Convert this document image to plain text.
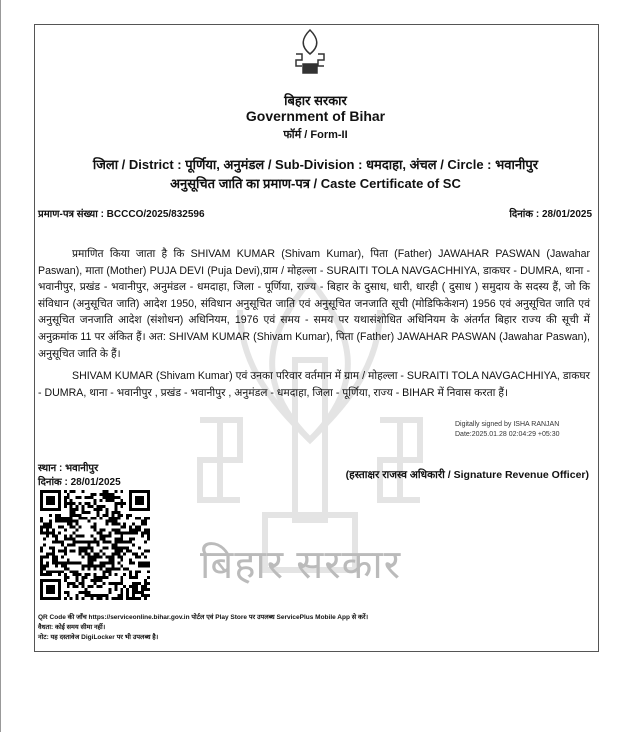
बिहार सरकार
बिहार सरकार
Government of Bihar
फॉर्म / Form-II
जिला / District : पूर्णिया, अनुमंडल / Sub-Division : धमदाहा, अंचल / Circle : भवानीपुर
अनुसूचित जाति का प्रमाण-पत्र / Caste Certificate of SC
प्रमाण-पत्र संख्या : BCCCO/2025/832596	दिनांक : 28/01/2025
प्रमाणित किया जाता है कि SHIVAM KUMAR (Shivam Kumar), पिता (Father) JAWAHAR PASWAN (Jawahar Paswan), माता (Mother) PUJA DEVI (Puja Devi),ग्राम / मोहल्ला - SURAITI TOLA NAVGACHHIYA, डाकघर - DUMRA, थाना - भवानीपुर, प्रखंड - भवानीपुर, अनुमंडल - धमदाहा, जिला - पूर्णिया, राज्य - बिहार के दुसाध, धारी, धारही ( दुसाध ) समुदाय के सदस्य हैं, जो कि संविधान (अनुसूचित जाति) आदेश 1950, संविधान अनुसूचित जाति एवं अनुसूचित जनजाति सूची (मोडिफिकेशन) 1956 एवं अनुसूचित जाति एवं अनुसूचित जनजाति आदेश (संशोधन) अधिनियम, 1976 एवं समय - समय पर यथासंशोधित अधिनियम के अंतर्गत बिहार राज्य की सूची में अनुक्रमांक 11 पर अंकित हैं। अत: SHIVAM KUMAR (Shivam Kumar), पिता (Father) JAWAHAR PASWAN (Jawahar Paswan), अनुसूचित जाति के हैं।
SHIVAM KUMAR (Shivam Kumar) एवं उनका परिवार वर्तमान में ग्राम / मोहल्ला - SURAITI TOLA NAVGACHHIYA, डाकघर - DUMRA, थाना - भवानीपुर , प्रखंड - भवानीपुर , अनुमंडल - धमदाहा, जिला - पूर्णिया, राज्य - BIHAR में निवास करता हैं।
Digitally signed by ISHA RANJAN
Date:2025.01.28 02:04:29 +05:30
स्थान : भवानीपुर
दिनांक : 28/01/2025
(हस्ताक्षर राजस्व अधिकारी / Signature Revenue Officer)
QR Code की जाँच https://serviceonline.bihar.gov.in पोर्टल एवं Play Store पर उपलब्ध ServicePlus Mobile App से करें।
वैधता: कोई समय सीमा नहीं।
नोट: यह दस्तावेज DigiLocker पर भी उपलब्ध है।
